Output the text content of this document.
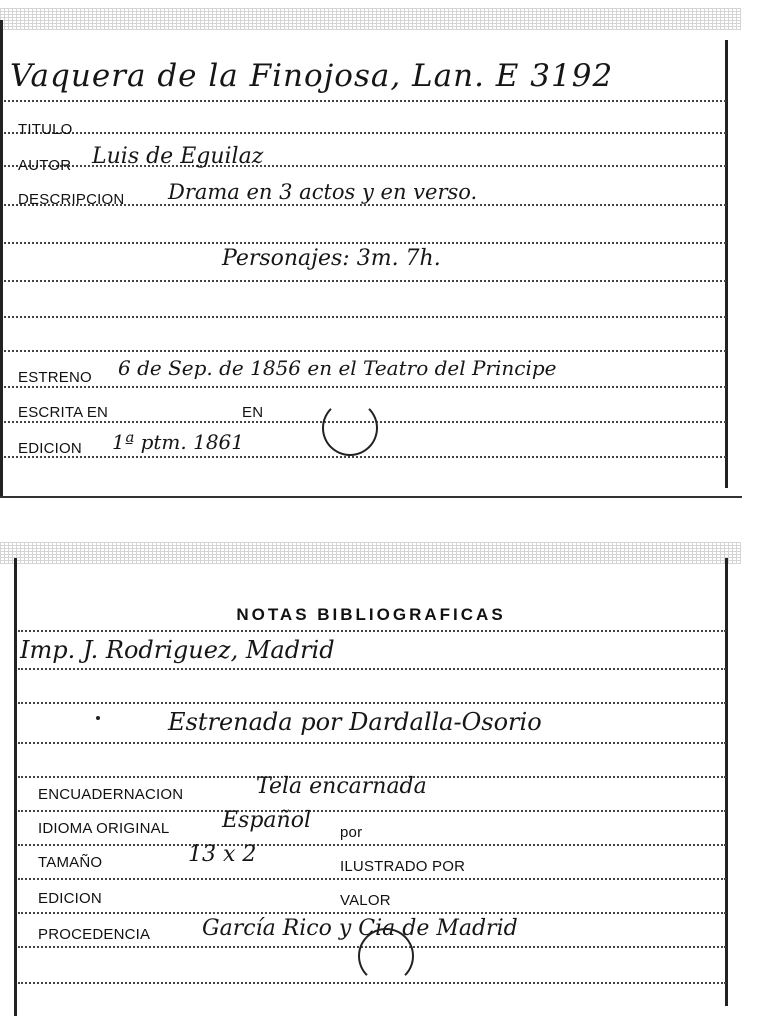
Vaquera de la Finojosa, Lan. E 3192
TITULO
AUTOR Luis de Eguilaz
DESCRIPCION Drama en 3 actos y en verso.
Personajes: 3m. 7h.
ESTRENO 6 de Sep. de 1856 en el Teatro del Principe
ESCRITA EN	EN
EDICION 1ª ptm. 1861
NOTAS BIBLIOGRAFICAS
Imp. J. Rodriguez, Madrid
Estrenada por Dardalla-Osorio
ENCUADERNACION	Tela encarnada
IDIOMA ORIGINAL Español por
TAMAÑO	13 x 2	ILUSTRADO POR
EDICION	VALOR
PROCEDENCIA García Rico y Cia de Madrid
